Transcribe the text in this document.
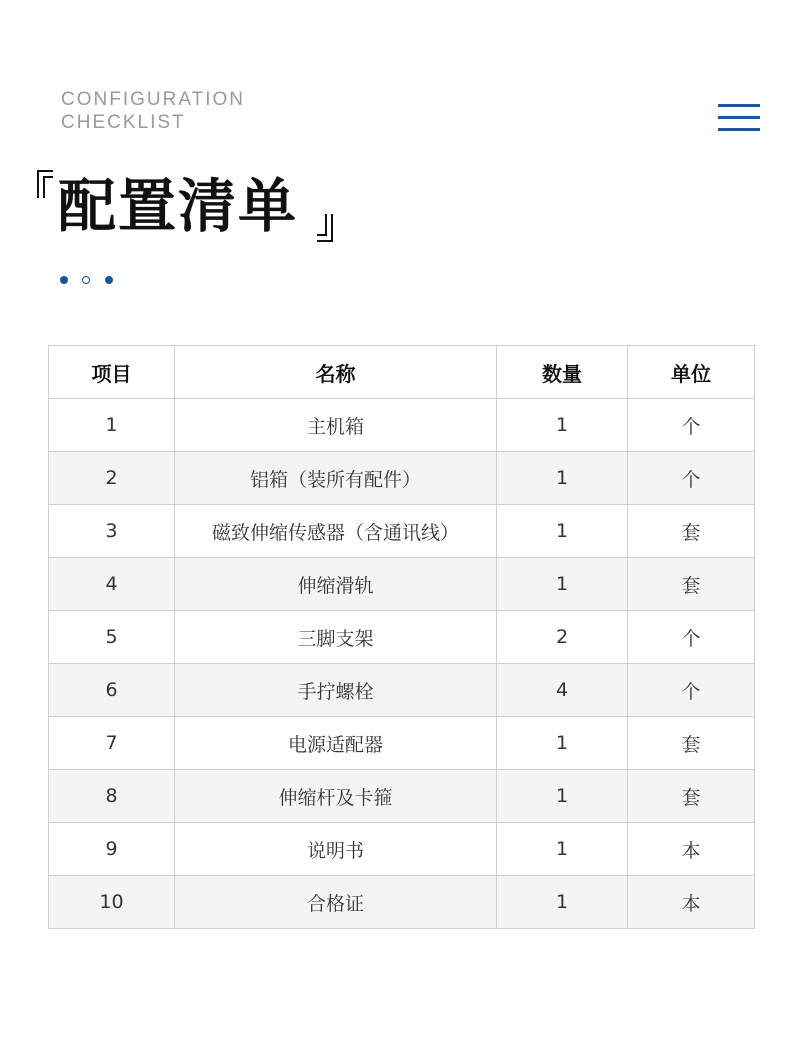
CONFIGURATION
CHECKLIST
配置清单
项目	名称	数量	单位
1	主机箱	1	个
2	铝箱（装所有配件）	1	个
3	磁致伸缩传感器（含通讯线）	1	套
4	伸缩滑轨	1	套
5	三脚支架	2	个
6	手拧螺栓	4	个
7	电源适配器	1	套
8	伸缩杆及卡箍	1	套
9	说明书	1	本
10	合格证	1	本
